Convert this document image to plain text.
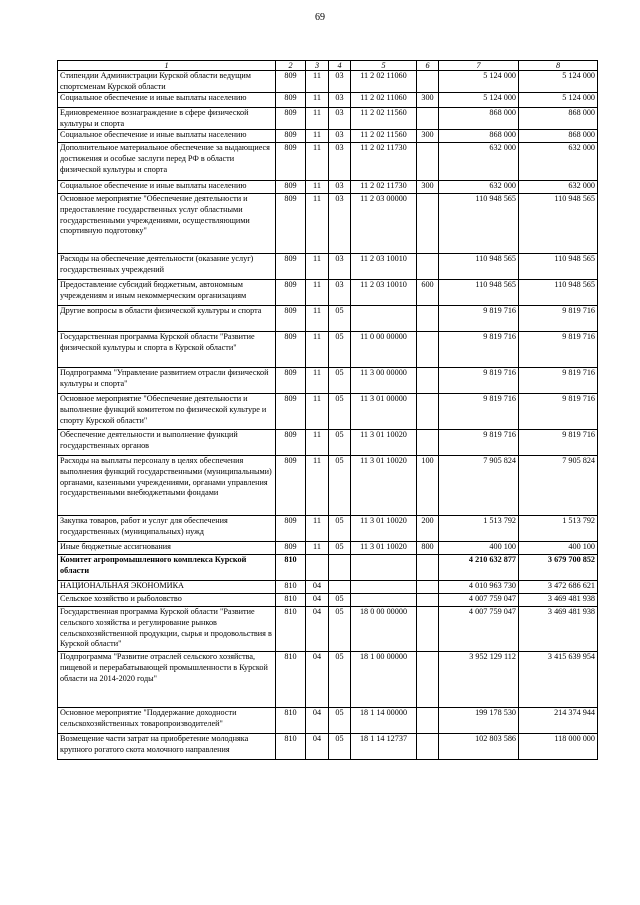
69
1	2	3	4	5	6	7	8
Стипендии Администрации Курской области ведущим спортсменам Курской области	809	11	03	11 2 02 11060		5 124 000	5 124 000
Социальное обеспечение и иные выплаты населению	809	11	03	11 2 02 11060	300	5 124 000	5 124 000
Единовременное вознаграждение в сфере физической культуры и спорта	809	11	03	11 2 02 11560		868 000	868 000
Социальное обеспечение и иные выплаты населению	809	11	03	11 2 02 11560	300	868 000	868 000
Дополнительное материальное обеспечение за выдающиеся достижения и особые заслуги перед РФ в области физической культуры и спорта	809	11	03	11 2 02 11730		632 000	632 000
Социальное обеспечение и иные выплаты населению	809	11	03	11 2 02 11730	300	632 000	632 000
Основное мероприятие "Обеспечение деятельности и предоставление государственных услуг областными государственными учреждениями, осуществляющими спортивную подготовку"	809	11	03	11 2 03 00000		110 948 565	110 948 565
Расходы на обеспечение деятельности (оказание услуг) государственных учреждений	809	11	03	11 2 03 10010		110 948 565	110 948 565
Предоставление субсидий бюджетным, автономным учреждениям и иным некоммерческим организациям	809	11	03	11 2 03 10010	600	110 948 565	110 948 565
Другие вопросы в области физической культуры и спорта	809	11	05			9 819 716	9 819 716
Государственная программа Курской области "Развитие физической культуры и спорта в Курской области"	809	11	05	11 0 00 00000		9 819 716	9 819 716
Подпрограмма "Управление развитием отрасли физической культуры и спорта"	809	11	05	11 3 00 00000		9 819 716	9 819 716
Основное мероприятие "Обеспечение деятельности и выполнение функций комитетом по физической культуре и спорту Курской области"	809	11	05	11 3 01 00000		9 819 716	9 819 716
Обеспечение деятельности и выполнение функций государственных органов	809	11	05	11 3 01 10020		9 819 716	9 819 716
Расходы на выплаты персоналу в целях обеспечения выполнения функций государственными (муниципальными) органами, казенными учреждениями, органами управления государственными внебюджетными фондами	809	11	05	11 3 01 10020	100	7 905 824	7 905 824
Закупка товаров, работ и услуг для обеспечения государственных (муниципальных) нужд	809	11	05	11 3 01 10020	200	1 513 792	1 513 792
Иные бюджетные ассигнования	809	11	05	11 3 01 10020	800	400 100	400 100
Комитет агропромышленного комплекса Курской области	810					4 210 632 877	3 679 700 852
НАЦИОНАЛЬНАЯ ЭКОНОМИКА	810	04				4 010 963 730	3 472 686 621
Сельское хозяйство и рыболовство	810	04	05			4 007 759 047	3 469 481 938
Государственная программа Курской области "Развитие сельского хозяйства и регулирование рынков сельскохозяйственной продукции, сырья и продовольствия в Курской области"	810	04	05	18 0 00 00000		4 007 759 047	3 469 481 938
Подпрограмма "Развитие отраслей сельского хозяйства, пищевой и перерабатывающей промышленности в Курской области на 2014-2020 годы"	810	04	05	18 1 00 00000		3 952 129 112	3 415 639 954
Основное мероприятие "Поддержание доходности сельскохозяйственных товаропроизводителей"	810	04	05	18 1 14 00000		199 178 530	214 374 944
Возмещение части затрат на приобретение молодняка крупного рогатого скота молочного направления	810	04	05	18 1 14 12737		102 803 586	118 000 000
